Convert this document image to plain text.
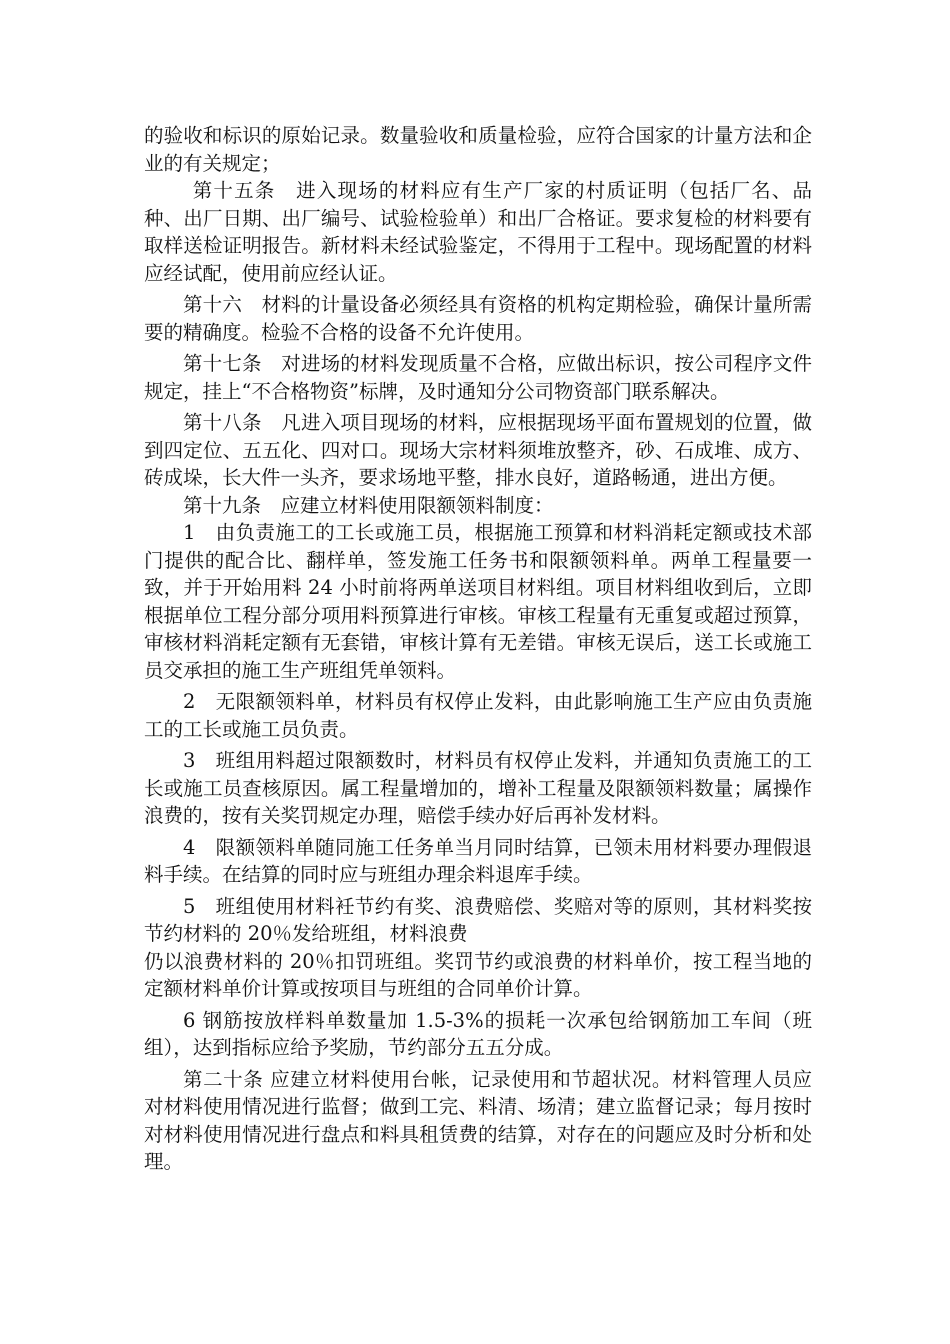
的验收和标识的原始记录。数量验收和质量检验，应符合国家的计量方法和企业的有关规定；

第十五条　进入现场的材料应有生产厂家的村质证明（包括厂名、品种、出厂日期、出厂编号、试验检验单）和出厂合格证。要求复检的材料要有取样送检证明报告。新材料未经试验鉴定，不得用于工程中。现场配置的材料应经试配，使用前应经认证。

第十六　材料的计量设备必须经具有资格的机构定期检验，确保计量所需要的精确度。检验不合格的设备不允许使用。

第十七条　对进场的材料发现质量不合格，应做出标识，按公司程序文件规定，挂上“不合格物资”标牌，及时通知分公司物资部门联系解决。

第十八条　凡进入项目现场的材料，应根据现场平面布置规划的位置，做到四定位、五五化、四对口。现场大宗材料须堆放整齐，砂、石成堆、成方、砖成垛，长大件一头齐，要求场地平整，排水良好，道路畅通，进出方便。

第十九条　应建立材料使用限额领料制度：

1　由负责施工的工长或施工员，根据施工预算和材料消耗定额或技术部门提供的配合比、翻样单，签发施工任务书和限额领料单。两单工程量要一致，并于开始用料 24 小时前将两单送项目材料组。项目材料组收到后，立即根据单位工程分部分项用料预算进行审核。审核工程量有无重复或超过预算，审核材料消耗定额有无套错，审核计算有无差错。审核无误后，送工长或施工员交承担的施工生产班组凭单领料。

2　无限额领料单，材料员有权停止发料，由此影响施工生产应由负责施工的工长或施工员负责。

3　班组用料超过限额数时，材料员有权停止发料，并通知负责施工的工长或施工员查核原因。属工程量增加的，增补工程量及限额领料数量；属操作浪费的，按有关奖罚规定办理，赔偿手续办好后再补发材料。

4　限额领料单随同施工任务单当月同时结算，已领未用材料要办理假退料手续。在结算的同时应与班组办理余料退库手续。

5　班组使用材料衽节约有奖、浪费赔偿、奖赔对等的原则，其材料奖按节约材料的 20％发给班组，材料浪费

仍以浪费材料的 20％扣罚班组。奖罚节约或浪费的材料单价，按工程当地的定额材料单价计算或按项目与班组的合同单价计算。

6 钢筋按放样料单数量加 1.5-3%的损耗一次承包给钢筋加工车间（班组），达到指标应给予奖励，节约部分五五分成。

第二十条 应建立材料使用台帐，记录使用和节超状况。材料管理人员应对材料使用情况进行监督；做到工完、料清、场清；建立监督记录；每月按时对材料使用情况进行盘点和料具租赁费的结算，对存在的问题应及时分析和处理。
